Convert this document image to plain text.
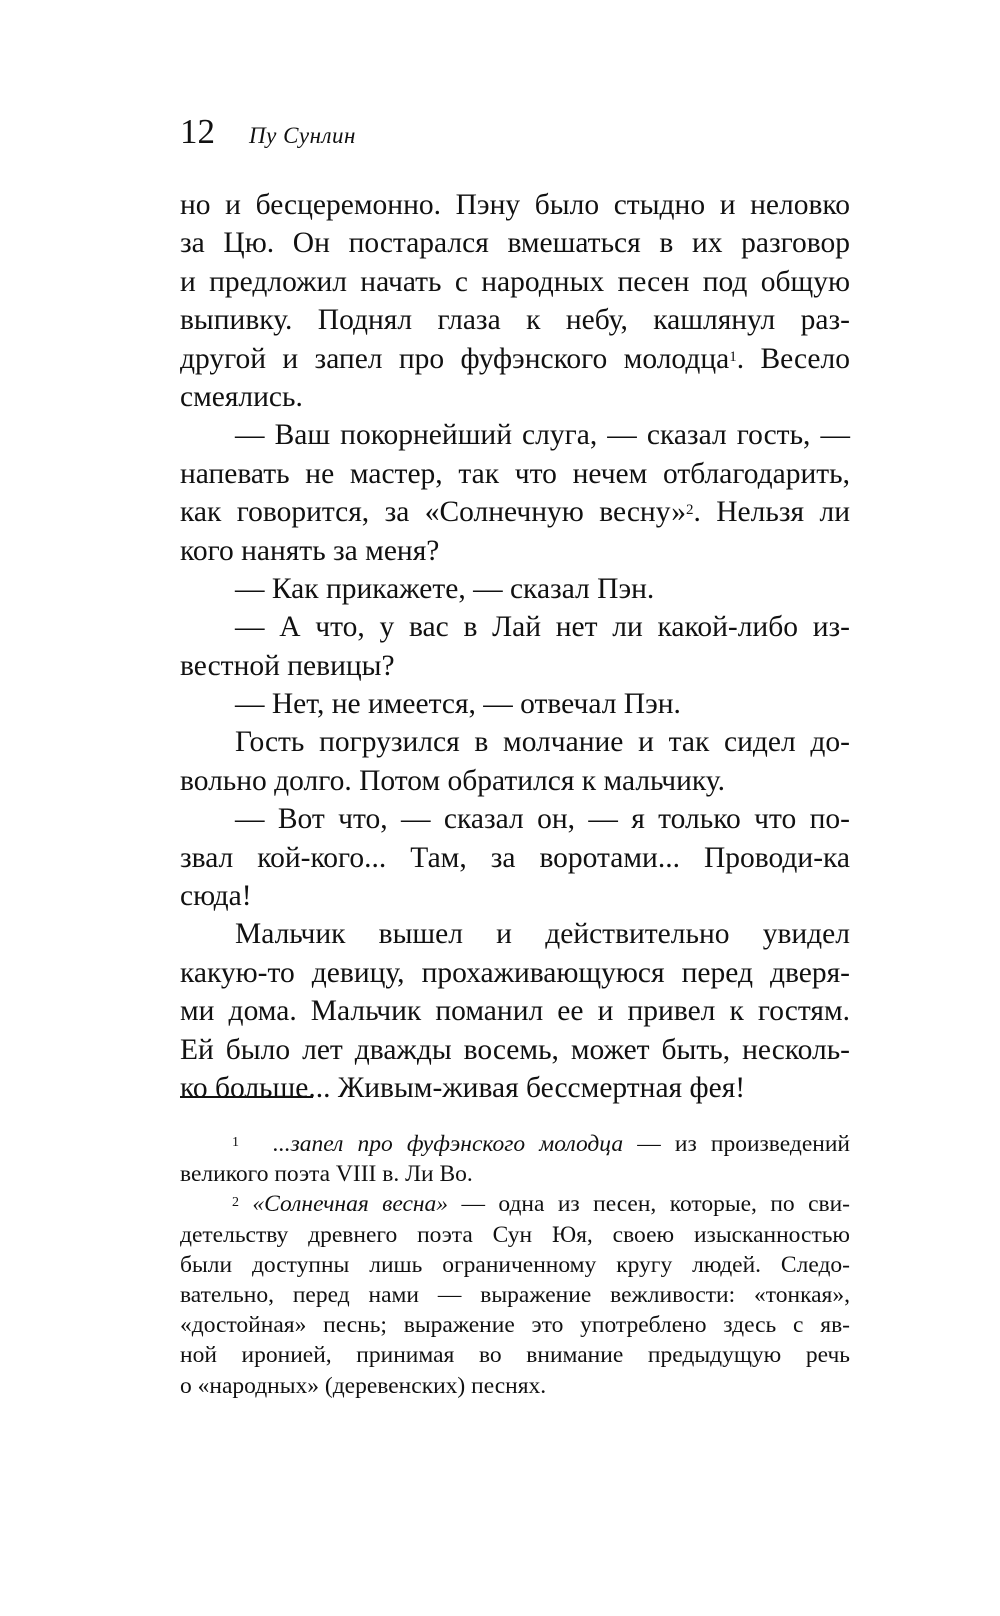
12 Пу Сунлин
но и бесцеремонно. Пэну было стыдно и неловко
за Цю. Он постарался вмешаться в их разговор
и предложил начать с народных песен под общую
выпивку. Поднял глаза к небу, кашлянул раз-
другой и запел про фуфэнского молодца$^1$. Весело
смеялись.
— Ваш покорнейший слуга, — сказал гость, —
напевать не мастер, так что нечем отблагодарить,
как говорится, за «Солнечную весну»$^2$. Нельзя ли
кого нанять за меня?
— Как прикажете, — сказал Пэн.
— А что, у вас в Лай нет ли какой-либо из-
вестной певицы?
— Нет, не имеется, — отвечал Пэн.
Гость погрузился в молчание и так сидел до-
вольно долго. Потом обратился к мальчику.
— Вот что, — сказал он, — я только что по-
звал кой-кого... Там, за воротами... Проводи-ка
сюда!
Мальчик вышел и действительно увидел
какую-то девицу, прохаживающуюся перед дверя-
ми дома. Мальчик поманил ее и привел к гостям.
Ей было лет дважды восемь, может быть, несколь-
ко больше... Живым-живая бессмертная фея!
$^1$ ...запел про фуфэнского молодца — из произведений
великого поэта VIII в. Ли Во.
$^2$ «Солнечная весна» — одна из песен, которые, по сви-
детельству древнего поэта Сун Юя, своею изысканностью
были доступны лишь ограниченному кругу людей. Следо-
вательно, перед нами — выражение вежливости: «тонкая»,
«достойная» песнь; выражение это употреблено здесь с яв-
ной иронией, принимая во внимание предыдущую речь
о «народных» (деревенских) песнях.
